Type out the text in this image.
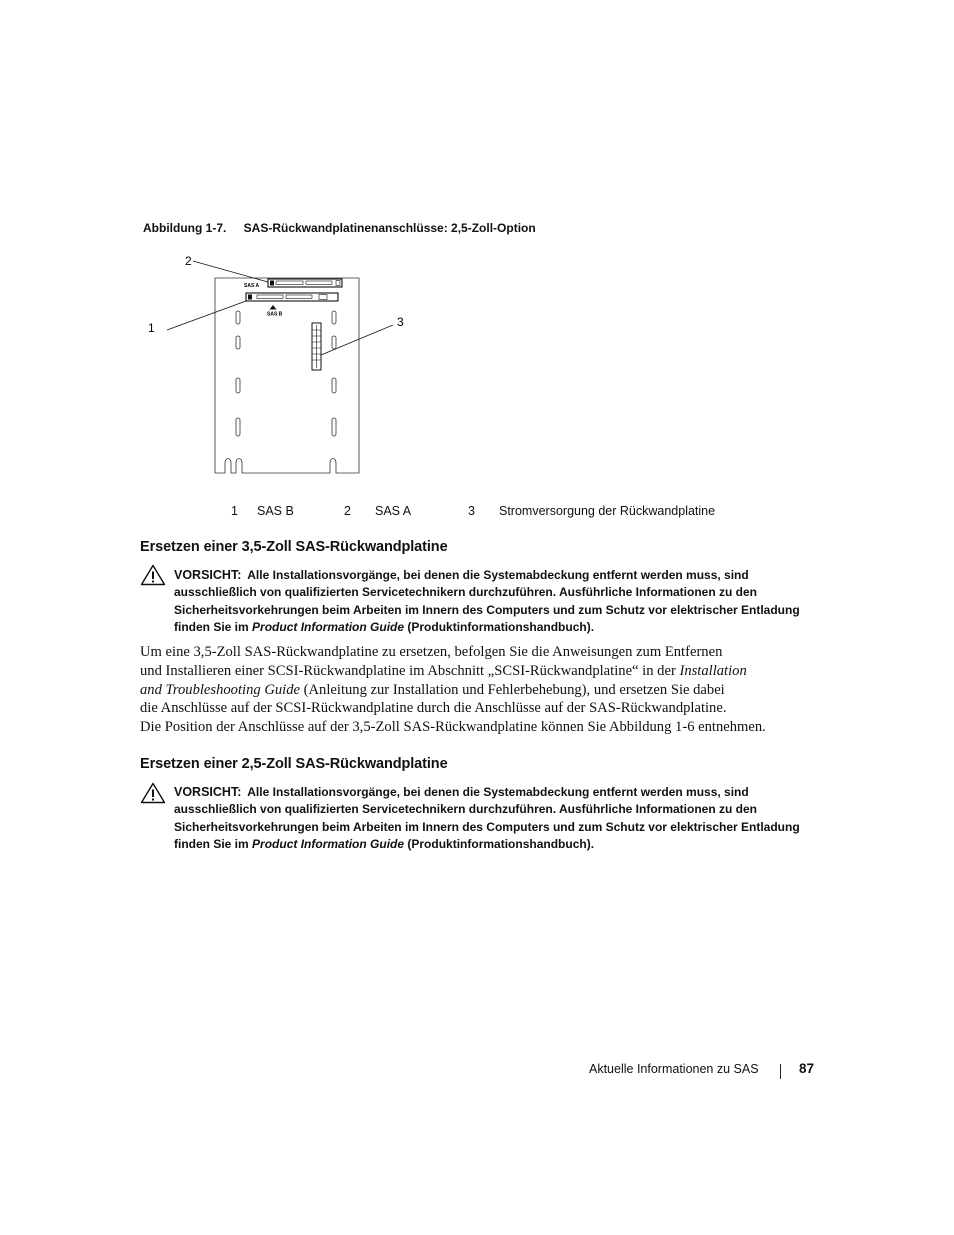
Abbildung 1-7. SAS-Rückwandplatinenanschlüsse: 2,5-Zoll-Option
SAS A
SAS B
2
1	3
1 SAS B	2 SAS A	3 Stromversorgung der Rückwandplatine
Ersetzen einer 3,5-Zoll SAS-Rückwandplatine
VORSICHT: Alle Installationsvorgänge, bei denen die Systemabdeckung entfernt werden muss, sind
ausschließlich von qualifizierten Servicetechnikern durchzuführen. Ausführliche Informationen zu den
Sicherheitsvorkehrungen beim Arbeiten im Innern des Computers und zum Schutz vor elektrischer Entladung
finden Sie im Product Information Guide (Produktinformationshandbuch).
Um eine 3,5-Zoll SAS-Rückwandplatine zu ersetzen, befolgen Sie die Anweisungen zum Entfernen
und Installieren einer SCSI-Rückwandplatine im Abschnitt „SCSI-Rückwandplatine“ in der Installation
and Troubleshooting Guide (Anleitung zur Installation und Fehlerbehebung), und ersetzen Sie dabei
die Anschlüsse auf der SCSI-Rückwandplatine durch die Anschlüsse auf der SAS-Rückwandplatine.
Die Position der Anschlüsse auf der 3,5-Zoll SAS-Rückwandplatine können Sie Abbildung 1-6 entnehmen.
Ersetzen einer 2,5-Zoll SAS-Rückwandplatine
VORSICHT: Alle Installationsvorgänge, bei denen die Systemabdeckung entfernt werden muss, sind
ausschließlich von qualifizierten Servicetechnikern durchzuführen. Ausführliche Informationen zu den
Sicherheitsvorkehrungen beim Arbeiten im Innern des Computers und zum Schutz vor elektrischer Entladung
finden Sie im Product Information Guide (Produktinformationshandbuch).
Aktuelle Informationen zu SAS	87
